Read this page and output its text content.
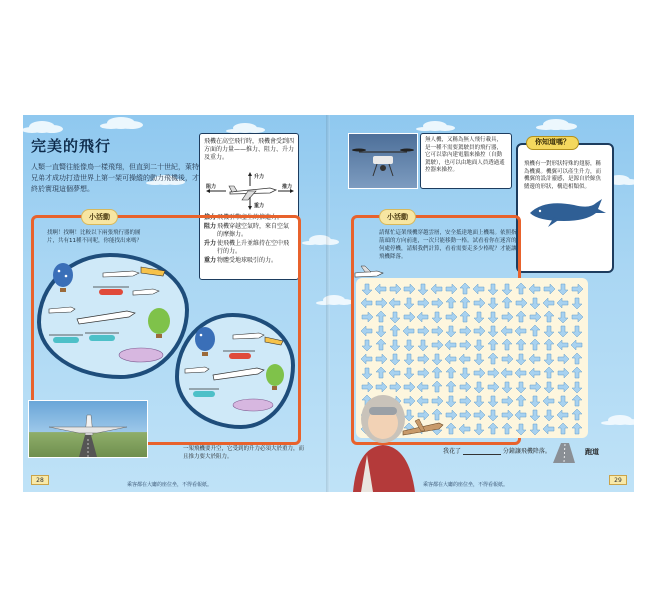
完美的飛行
人類一直嚮往能像鳥一樣飛翔，但直到二十世紀，萊特兄弟才成功打造世界上第一架可操縱的動力飛機後，才終於實現這個夢想。
飛機在高空飛行時，飛機會受到四方面的力量——推力、阻力、升力及重力。
升力
阻力	推力
重力
推力 飛機引擎產生的推進力。
阻力 飛機穿越空氣時，來自空氣的摩擦力。
升力 使飛機上升並維持在空中飛行的力。
重力 物體受地球吸引的力。
小活動
找啊！找啊！比較以下兩張飛行器的圖片，共有11種不同呢，你能找出來嗎？
一架飛機要升空，它受到的升力必須大於重力，而且推力要大於阻力。
28
乘客都在大廳的座位坐，不得看報紙。
無人機，又稱為無人飛行載具，是一種不需要駕駛員的飛行器，它可以靠內建電腦來操控（自動駕駛），也可以由地面人員透過遙控器來操控。
你知道嗎？
飛機有一對形狀特殊的翅膀，稱為機翼。機翼可以產生升力，而機翼的設計靈感，是源自於鯨魚鰭邊的形狀，構造相類似。
小活動
請幫忙這架飛機穿越雲層，安全抵達地面上機場。依照指箭頭的方向前進，一次只能移動一格。試看看你在迷宮的何處停機，請幫我們計算，看看需要走多少格呢？才能讓飛機降落。
我花了	分鐘讓飛機降落。	跑道
29
乘客都在大廳的座位坐，不得看報紙。
